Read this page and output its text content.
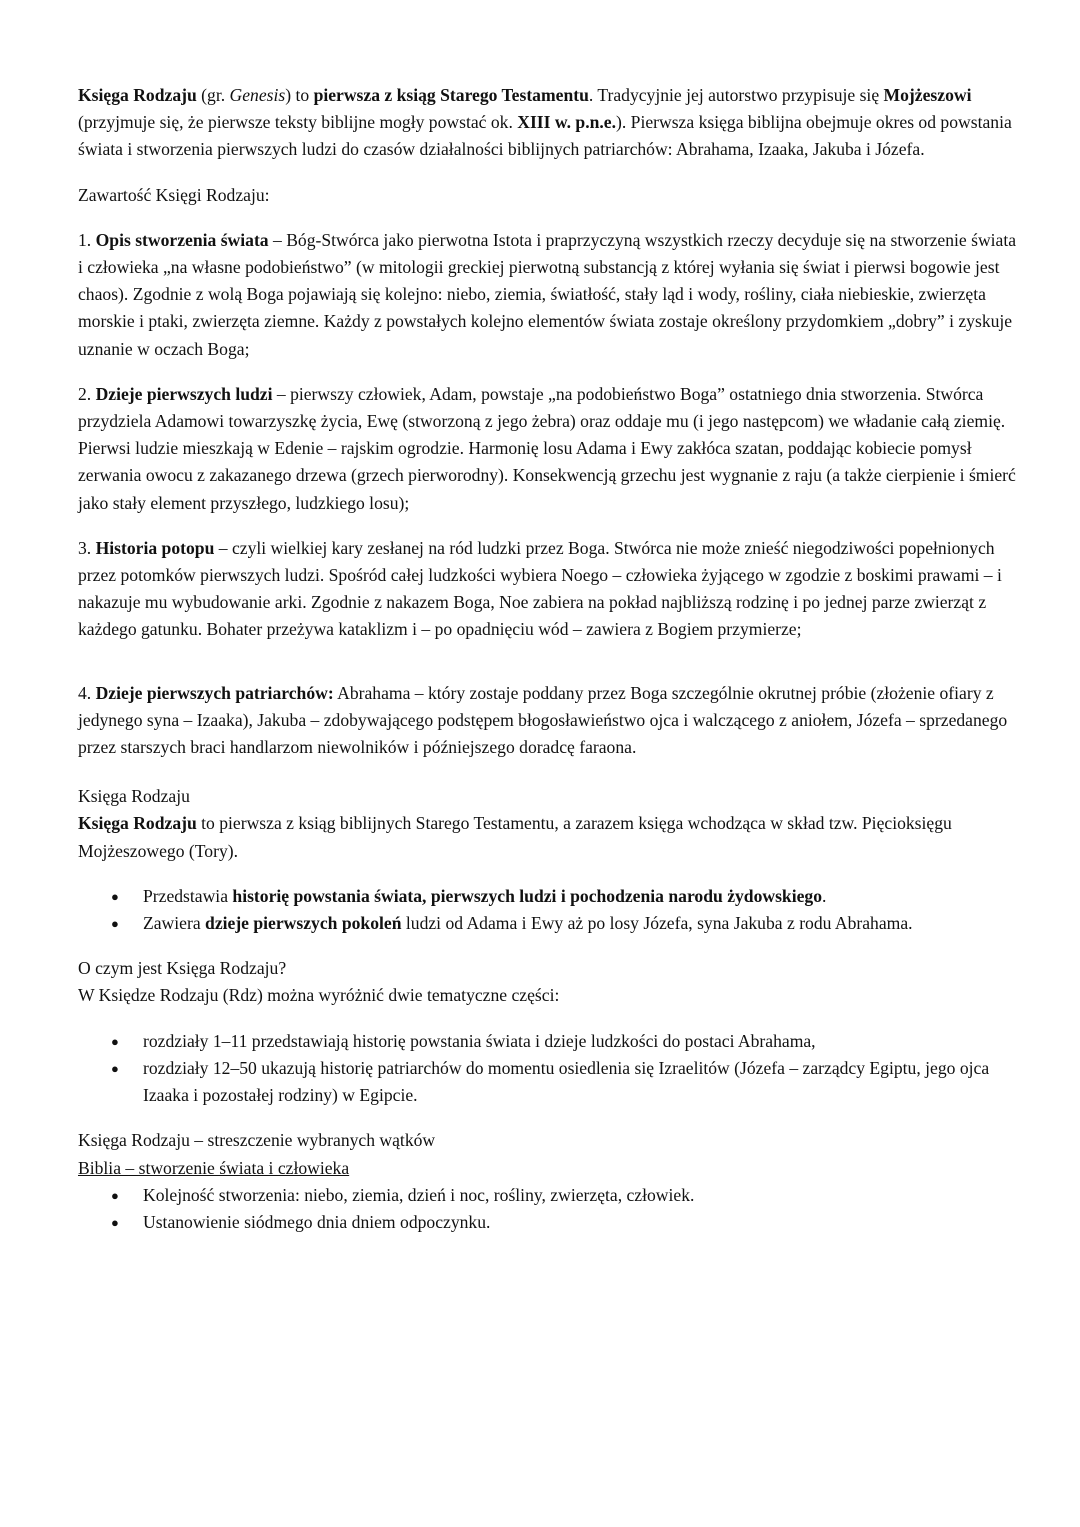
Księga Rodzaju (gr. Genesis) to pierwsza z ksiąg Starego Testamentu. Tradycyjnie jej autorstwo przypisuje się Mojżeszowi (przyjmuje się, że pierwsze teksty biblijne mogły powstać ok. XIII w. p.n.e.). Pierwsza księga biblijna obejmuje okres od powstania świata i stworzenia pierwszych ludzi do czasów działalności biblijnych patriarchów: Abrahama, Izaaka, Jakuba i Józefa.

Zawartość Księgi Rodzaju:

1. Opis stworzenia świata – Bóg-Stwórca jako pierwotna Istota i praprzyczyną wszystkich rzeczy decyduje się na stworzenie świata i człowieka „na własne podobieństwo” (w mitologii greckiej pierwotną substancją z której wyłania się świat i pierwsi bogowie jest chaos). Zgodnie z wolą Boga pojawiają się kolejno: niebo, ziemia, światłość, stały ląd i wody, rośliny, ciała niebieskie, zwierzęta morskie i ptaki, zwierzęta ziemne. Każdy z powstałych kolejno elementów świata zostaje określony przydomkiem „dobry” i zyskuje uznanie w oczach Boga;

2. Dzieje pierwszych ludzi – pierwszy człowiek, Adam, powstaje „na podobieństwo Boga” ostatniego dnia stworzenia. Stwórca przydziela Adamowi towarzyszkę życia, Ewę (stworzoną z jego żebra) oraz oddaje mu (i jego następcom) we władanie całą ziemię. Pierwsi ludzie mieszkają w Edenie – rajskim ogrodzie. Harmonię losu Adama i Ewy zakłóca szatan, poddając kobiecie pomysł zerwania owocu z zakazanego drzewa (grzech pierworodny). Konsekwencją grzechu jest wygnanie z raju (a także cierpienie i śmierć jako stały element przyszłego, ludzkiego losu);

3. Historia potopu – czyli wielkiej kary zesłanej na ród ludzki przez Boga. Stwórca nie może znieść niegodziwości popełnionych przez potomków pierwszych ludzi. Spośród całej ludzkości wybiera Noego – człowieka żyjącego w zgodzie z boskimi prawami – i nakazuje mu wybudowanie arki. Zgodnie z nakazem Boga, Noe zabiera na pokład najbliższą rodzinę i po jednej parze zwierząt z każdego gatunku. Bohater przeżywa kataklizm i – po opadnięciu wód – zawiera z Bogiem przymierze;

4. Dzieje pierwszych patriarchów: Abrahama – który zostaje poddany przez Boga szczególnie okrutnej próbie (złożenie ofiary z jedynego syna – Izaaka), Jakuba – zdobywającego podstępem błogosławieństwo ojca i walczącego z aniołem, Józefa – sprzedanego przez starszych braci handlarzom niewolników i późniejszego doradcę faraona.

Księga Rodzaju

Księga Rodzaju to pierwsza z ksiąg biblijnych Starego Testamentu, a zarazem księga wchodząca w skład tzw. Pięcioksięgu Mojżeszowego (Tory).

● Przedstawia historię powstania świata, pierwszych ludzi i pochodzenia narodu żydowskiego.
● Zawiera dzieje pierwszych pokoleń ludzi od Adama i Ewy aż po losy Józefa, syna Jakuba z rodu Abrahama.

O czym jest Księga Rodzaju?

W Księdze Rodzaju (Rdz) można wyróżnić dwie tematyczne części:

● rozdziały 1–11 przedstawiają historię powstania świata i dzieje ludzkości do postaci Abrahama,
● rozdziały 12–50 ukazują historię patriarchów do momentu osiedlenia się Izraelitów (Józefa – zarządcy Egiptu, jego ojca Izaaka i pozostałej rodziny) w Egipcie.

Księga Rodzaju – streszczenie wybranych wątków

Biblia – stworzenie świata i człowieka

● Kolejność stworzenia: niebo, ziemia, dzień i noc, rośliny, zwierzęta, człowiek.
● Ustanowienie siódmego dnia dniem odpoczynku.
